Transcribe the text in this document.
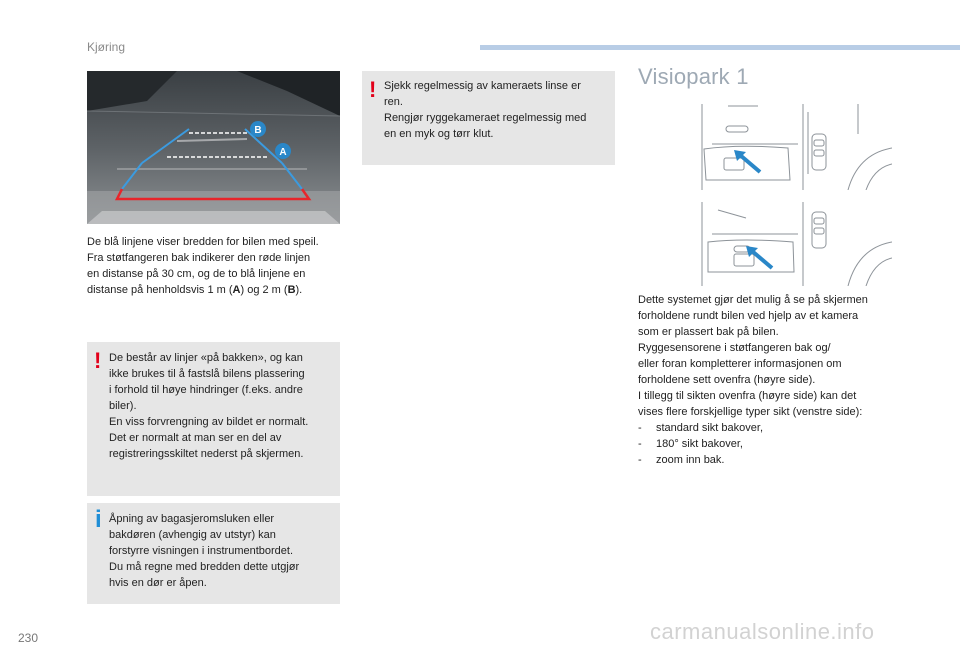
Kjøring
B
A
De blå linjene viser bredden for bilen med speil.
Fra støtfangeren bak indikerer den røde linjen
en distanse på 30 cm, og de to blå linjene en
distanse på henholdsvis 1 m (A) og 2 m (B).
! De består av linjer «på bakken», og kan
ikke brukes til å fastslå bilens plassering
i forhold til høye hindringer (f.eks. andre
biler).
En viss forvrengning av bildet er normalt.
Det er normalt at man ser en del av
registreringsskiltet nederst på skjermen.
i Åpning av bagasjeromsluken eller
bakdøren (avhengig av utstyr) kan
forstyrre visningen i instrumentbordet.
Du må regne med bredden dette utgjør
hvis en dør er åpen.
! Sjekk regelmessig av kameraets linse er
ren.
Rengjør ryggekameraet regelmessig med
en en myk og tørr klut.
Visiopark 1
Dette systemet gjør det mulig å se på skjermen
forholdene rundt bilen ved hjelp av et kamera
som er plassert bak på bilen.
Ryggesensorene i støtfangeren bak og/
eller foran kompletterer informasjonen om
forholdene sett ovenfra (høyre side).
I tillegg til sikten ovenfra (høyre side) kan det
vises flere forskjellige typer sikt (venstre side):
-	standard sikt bakover,
-	180° sikt bakover,
-	zoom inn bak.
230	carmanualsonline.info
